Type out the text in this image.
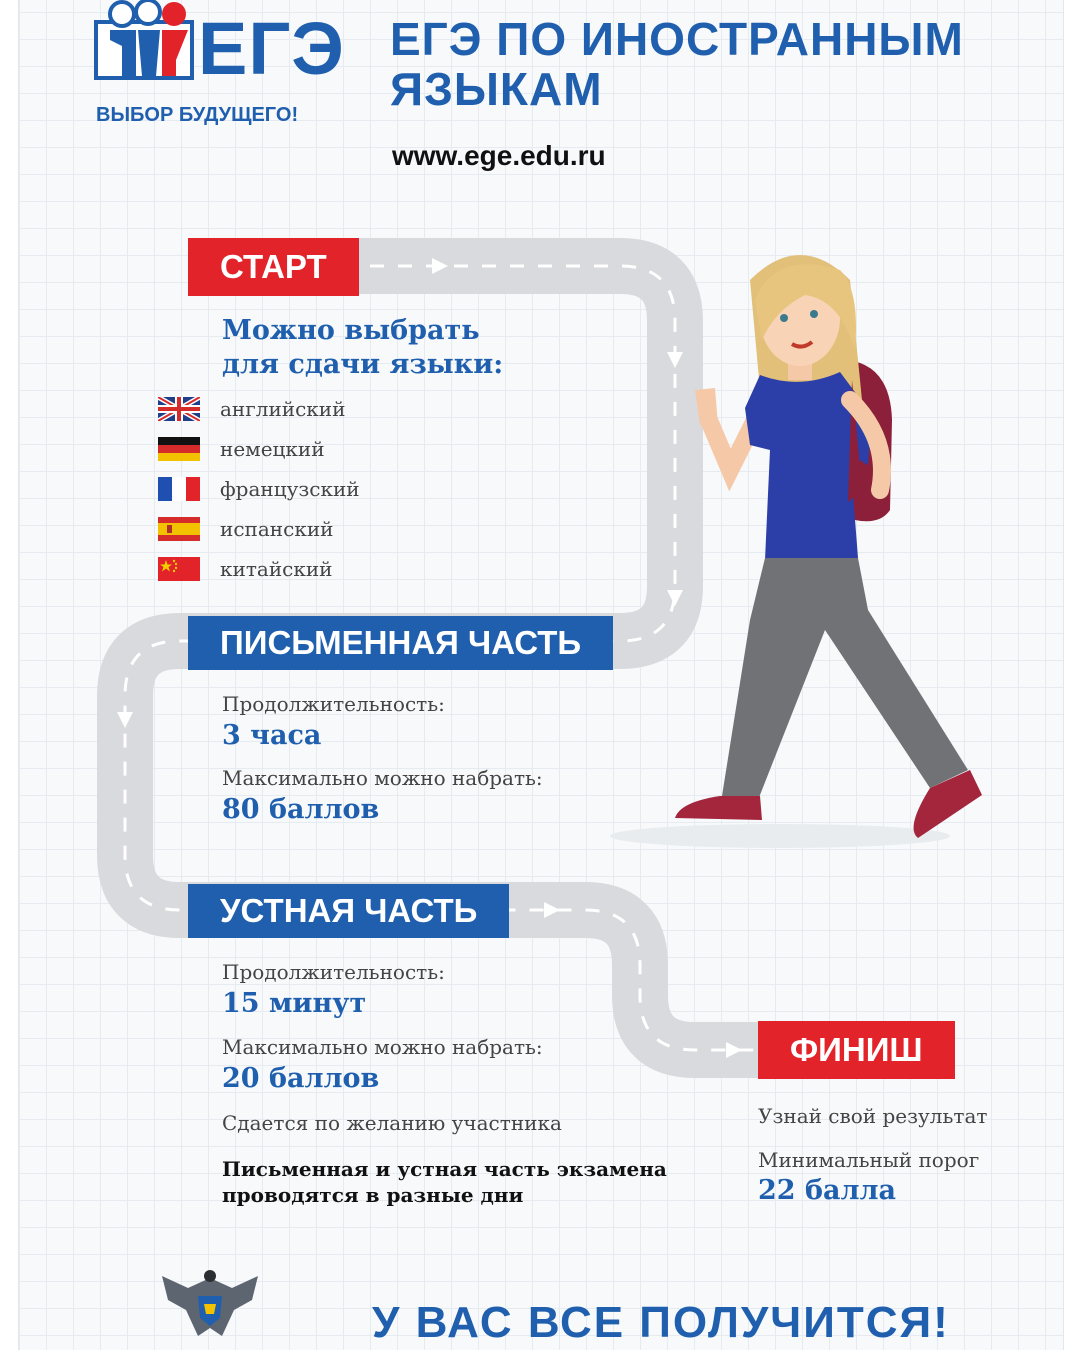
ЕГЭ
ВЫБОР БУДУЩЕГО!
ЕГЭ ПО ИНОСТРАННЫМ
ЯЗЫКАМ
www.ege.edu.ru
СТАРТ
Можно выбрать
для сдачи языки:
английский
немецкий
французский
испанский
китайский
ПИСЬМЕННАЯ ЧАСТЬ
Продолжительность:
3 часа
Максимально можно набрать:
80 баллов
УСТНАЯ ЧАСТЬ
Продолжительность:
15 минут
Максимально можно набрать:
20 баллов
Сдается по желанию участника
Письменная и устная часть экзамена
проводятся в разные дни
ФИНИШ
Узнай свой результат
Минимальный порог
22 балла
У ВАС ВСЕ ПОЛУЧИТСЯ!
